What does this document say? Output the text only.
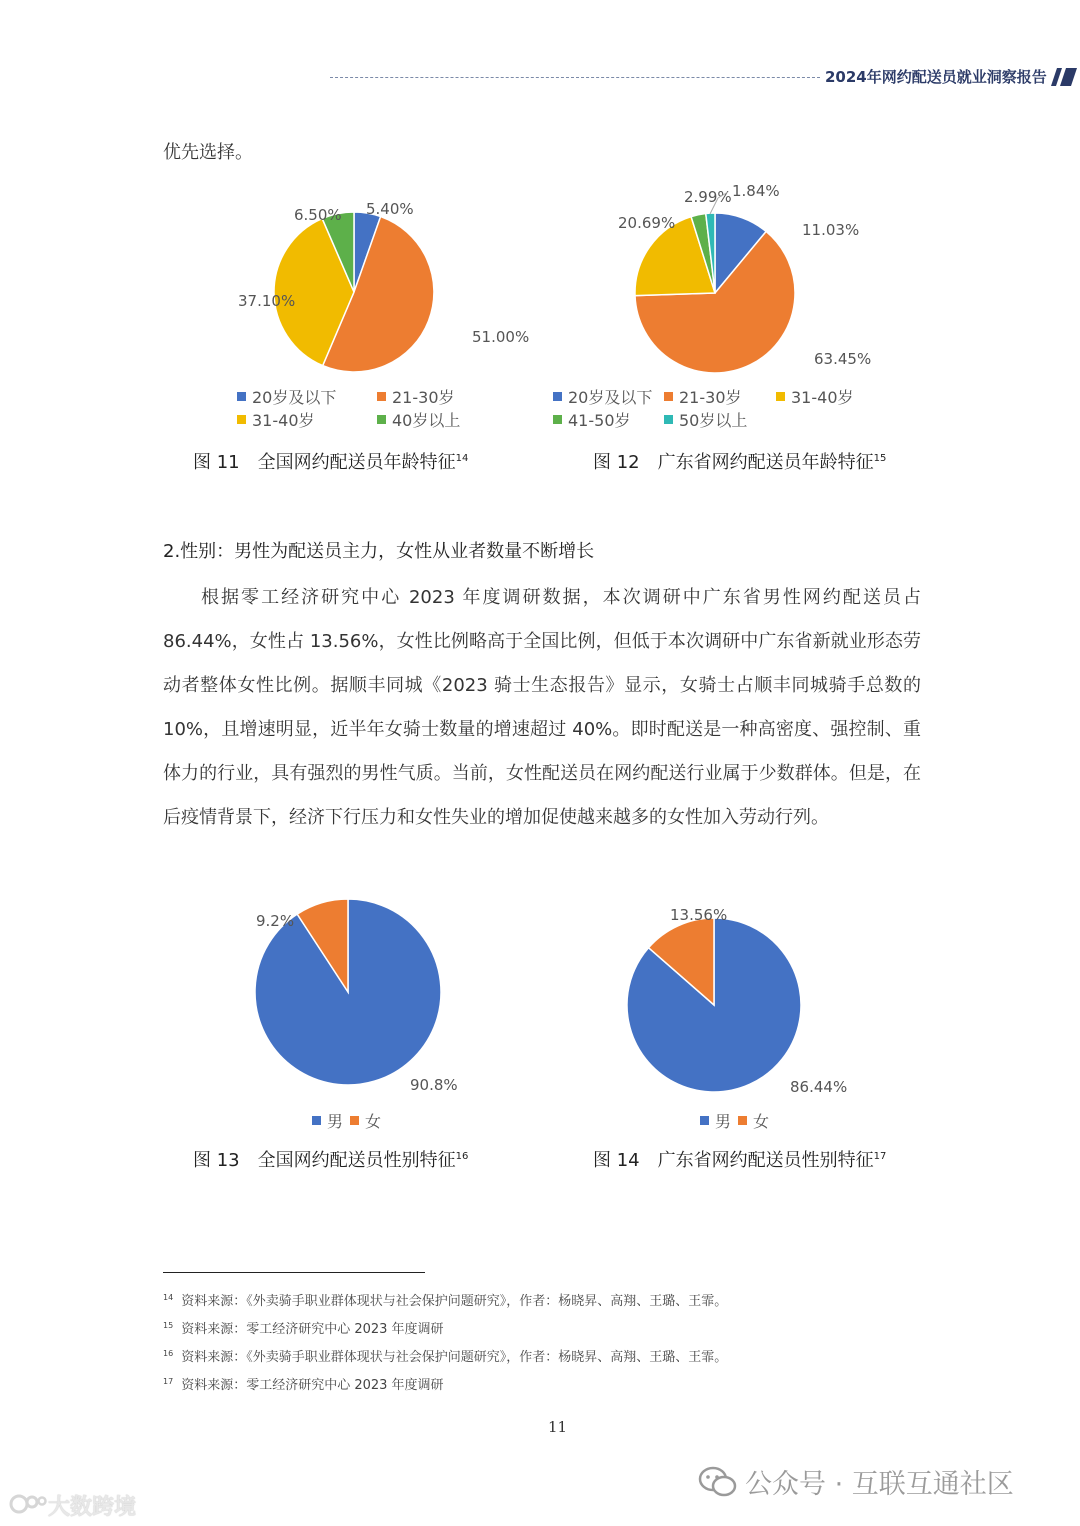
2024年网约配送员就业洞察报告
优先选择。
5.40%
51.00%
37.10%
6.50%
20岁及以下	21-30岁
31-40岁	40岁以上
图 11 全国网约配送员年龄特征$^{14}$
11.03%
63.45%
20.69%
2.99% 1.84%
20岁及以下	21-30岁	31-40岁
41-50岁	50岁以上
图 12 广东省网约配送员年龄特征$^{15}$
2.性别：男性为配送员主力，女性从业者数量不断增长
根据零工经济研究中心 2023 年度调研数据，本次调研中广东省男性网约配送员占 86.44%，女性占 13.56%，女性比例略高于全国比例，但低于本次调研中广东省新就业形态劳动者整体女性比例。据顺丰同城《2023 骑士生态报告》显示，女骑士占顺丰同城骑手总数的 10%，且增速明显，近半年女骑士数量的增速超过 40%。即时配送是一种高密度、强控制、重体力的行业，具有强烈的男性气质。当前，女性配送员在网约配送行业属于少数群体。但是，在后疫情背景下，经济下行压力和女性失业的增加促使越来越多的女性加入劳动行列。
90.8%
9.2%
男	女
图 13 全国网约配送员性别特征$^{16}$
86.44%
13.56%
男	女
图 14 广东省网约配送员性别特征$^{17}$
$^{14}$ 资料来源：《外卖骑手职业群体现状与社会保护问题研究》，作者：杨晓昇、高翔、王璐、王霏。
$^{15}$ 资料来源：零工经济研究中心 2023 年度调研
$^{16}$ 资料来源：《外卖骑手职业群体现状与社会保护问题研究》，作者：杨晓昇、高翔、王璐、王霏。
$^{17}$ 资料来源：零工经济研究中心 2023 年度调研
11
公众号 · 互联互通社区
大数跨境
